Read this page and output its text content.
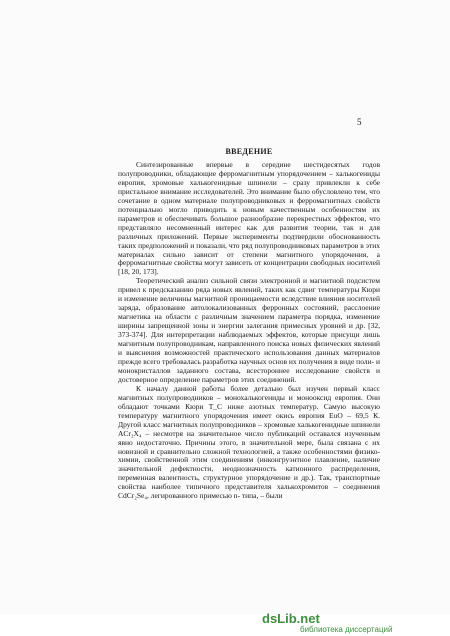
5
ВВЕДЕНИЕ

Синтезированные впервые в середине шестидесятых годов полупроводники, обладающие ферромагнитным упорядочением – халькогениды европия, хромовые халькогенидные шпинели – сразу привлекли к себе пристальное внимание исследователей. Это внимание было обусловлено тем, что сочетание в одном материале полупроводниковых и ферромагнитных свойств потенциально могло приводить к новым качественным особенностям их параметров и обеспечивать большое разнообразие перекрестных эффектов, что представляло несомненный интерес как для развития теории, так и для различных приложений. Первые эксперименты подтвердили обоснованность таких предположений и показали, что ряд полупроводниковых параметров в этих материалах сильно зависит от степени магнитного упорядочения, а ферромагнитные свойства могут зависеть от концентрации свободных носителей [18, 20, 173].

Теоретический анализ сильной связи электронной и магнитной подсистем привел к предсказанию ряда новых явлений, таких как сдвиг температуры Кюри и изменение величины магнитной проницаемости вследствие влияния носителей заряда, образование автолокализованных ферронных состояний, расслоение магнетика на области с различным значением параметра порядка, изменение ширины запрещенной зоны и энергии залегания примесных уровней и др. [32, 373-374]. Для интерпретации наблюдаемых эффектов, которые присущи лишь магнитным полупроводникам, направленного поиска новых физических явлений и выяснения возможностей практического использования данных материалов прежде всего требовалась разработка научных основ их получения в виде поли- и монокристаллов заданного состава, всестороннее исследование свойств и достоверное определение параметров этих соединений.

К началу данной работы более детально был изучен первый класс магнитных полупроводников – монохалькогениды и монооксид европия. Они обладают точками Кюри T_C ниже азотных температур. Самую высокую температуру магнитного упорядочения имеет окись европия EuO – 69,5 К. Другой класс магнитных полупроводников – хромовые халькогенидные шпинели ACr₂X₄ – несмотря на значительное число публикаций оставался изученным явно недостаточно. Причины этого, в значительной мере, была связана с их новизной и сравнительно сложной технологией, а также особенностями физико-химии, свойственной этим соединениям (инконгруэнтное плавление, наличие значительной дефектности, неоднозначность катионного распределения, переменная валентность, структурное упорядочение и др.). Так, транспортные свойства наиболее типичного представителя халькохромитов – соединения CdCr₂Se₄, легированного примесью n- типа, – были

dsLib.net
библиотека диссертаций
